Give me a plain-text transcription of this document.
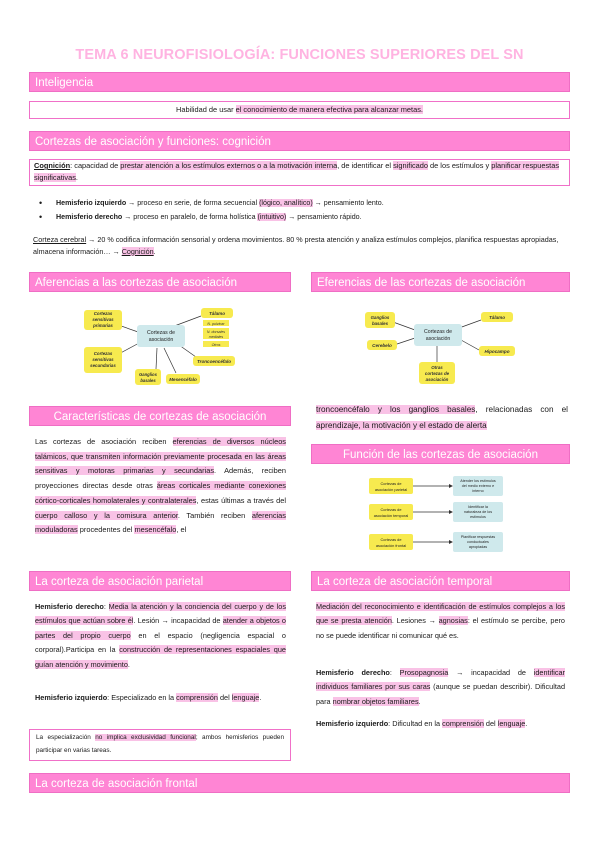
TEMA 6 NEUROFISIOLOGÍA: FUNCIONES SUPERIORES DEL SN
Inteligencia
Habilidad de usar el conocimiento de manera efectiva para alcanzar metas.
Cortezas de asociación y funciones: cognición
Cognición: capacidad de prestar atención a los estímulos externos o a la motivación interna, de identificar el significado de los estímulos y planificar respuestas significativas.
• Hemisferio izquierdo → proceso en serie, de forma secuencial (lógico, analítico) → pensamiento lento.
• Hemisferio derecho → proceso en paralelo, de forma holística (intuitivo) → pensamiento rápido.
Corteza cerebral → 20 % codifica información sensorial y ordena movimientos. 80 % presta atención y analiza estímulos complejos, planifica respuestas apropiadas, almacena información… → Cognición.
Aferencias a las cortezas de asociación
Cortezas de
asociación
Cortezas
sensitivas
primarias
Cortezas
sensitivas
secundarias
Tálamo
N. pulvinar
N. dorsales
mediales
Otros
Troncoencéfalo
Ganglios
basales	Mesencéfalo
Eferencias de las cortezas de asociación
Cortezas de
asociación
Ganglios
basales
Tálamo
Cerebelo
Hipocampo
Otras
cortezas de
asociación
troncoencéfalo y los ganglios basales, relacionadas con el aprendizaje, la motivación y el estado de alerta
Características de cortezas de asociación
Las cortezas de asociación reciben eferencias de diversos núcleos talámicos, que transmiten información previamente procesada en las áreas sensitivas y motoras primarias y secundarias. Además, reciben proyecciones directas desde otras áreas corticales mediante conexiones córtico-corticales homolaterales y contralaterales, estas últimas a través del cuerpo calloso y la comisura anterior. También reciben aferencias moduladoras procedentes del mesencéfalo, el
Función de las cortezas de asociación
Cortezas de
asociación parietal
Atender los estímulos
del medio externo e
interno
Cortezas de
asociación temporal
Identificar la
naturaleza de los
estímulos
Cortezas de
asociación frontal
Planificar respuestas
conductuales
apropiadas
La corteza de asociación parietal
Hemisferio derecho: Media la atención y la conciencia del cuerpo y de los estímulos que actúan sobre él. Lesión → incapacidad de atender a objetos o partes del propio cuerpo en el espacio (negligencia espacial o corporal).Participa en la construcción de representaciones espaciales que guían atención y movimiento.
Hemisferio izquierdo: Especializado en la comprensión del lenguaje.
La especialización no implica exclusividad funcional; ambos hemisferios pueden participar en varias tareas.
La corteza de asociación temporal
Mediación del reconocimiento e identificación de estímulos complejos a los que se presta atención. Lesiones → agnosias: el estímulo se percibe, pero no se puede identificar ni comunicar qué es.
Hemisferio derecho: Prosopagnosia → incapacidad de identificar individuos familiares por sus caras (aunque se puedan describir). Dificultad para nombrar objetos familiares.
Hemisferio izquierdo: Dificultad en la comprensión del lenguaje.
La corteza de asociación frontal
